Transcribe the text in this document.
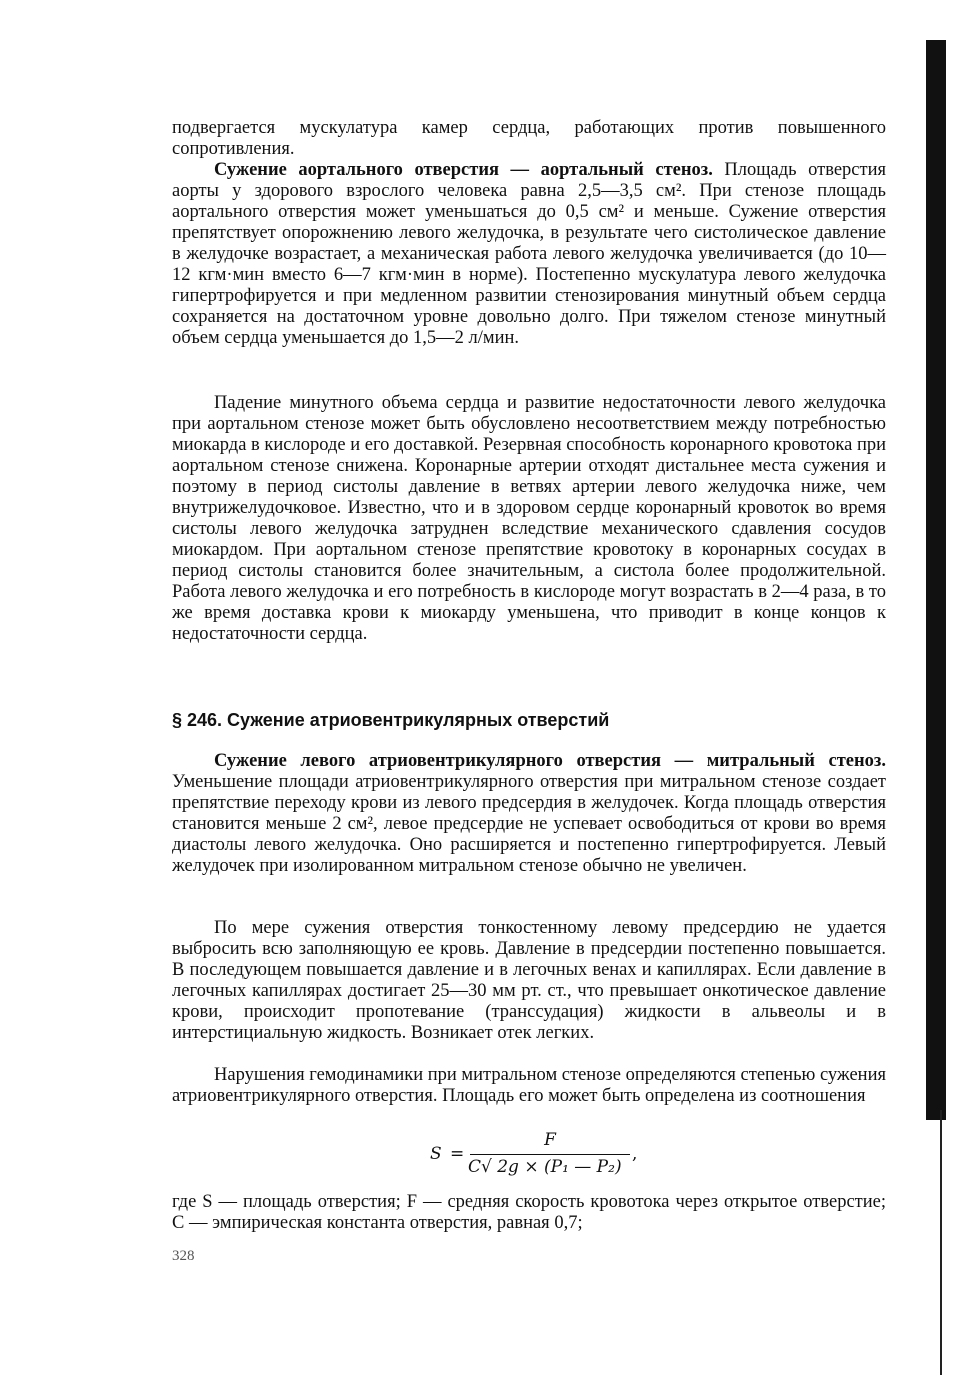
подвергается мускулатура камер сердца, работающих против повышенного сопротивления.

Сужение аортального отверстия — аортальный стеноз. Площадь отверстия аорты у здорового взрослого человека равна 2,5—3,5 см². При стенозе площадь аортального отверстия может уменьшаться до 0,5 см² и меньше. Сужение отверстия препятствует опорожнению левого желудочка, в результате чего систолическое давление в желудочке возрастает, а механическая работа левого желудочка увеличивается (до 10—12 кгм·мин вместо 6—7 кгм·мин в норме). Постепенно мускулатура левого желудочка гипертрофируется и при медленном развитии стенозирования минутный объем сердца сохраняется на достаточном уровне довольно долго. При тяжелом стенозе минутный объем сердца уменьшается до 1,5—2 л/мин.

Падение минутного объема сердца и развитие недостаточности левого желудочка при аортальном стенозе может быть обусловлено несоответствием между потребностью миокарда в кислороде и его доставкой. Резервная способность коронарного кровотока при аортальном стенозе снижена. Коронарные артерии отходят дистальнее места сужения и поэтому в период систолы давление в ветвях артерии левого желудочка ниже, чем внутрижелудочковое. Известно, что и в здоровом сердце коронарный кровоток во время систолы левого желудочка затруднен вследствие механического сдавления сосудов миокардом. При аортальном стенозе препятствие кровотоку в коронарных сосудах в период систолы становится более значительным, а систола более продолжительной. Работа левого желудочка и его потребность в кислороде могут возрастать в 2—4 раза, в то же время доставка крови к миокарду уменьшена, что приводит в конце концов к недостаточности сердца.

§ 246. Сужение атриовентрикулярных отверстий

Сужение левого атриовентрикулярного отверстия — митральный стеноз. Уменьшение площади атриовентрикулярного отверстия при митральном стенозе создает препятствие переходу крови из левого предсердия в желудочек. Когда площадь отверстия становится меньше 2 см², левое предсердие не успевает освободиться от крови во время диастолы левого желудочка. Оно расширяется и постепенно гипертрофируется. Левый желудочек при изолированном митральном стенозе обычно не увеличен.

По мере сужения отверстия тонкостенному левому предсердию не удается выбросить всю заполняющую ее кровь. Давление в предсердии постепенно повышается. В последующем повышается давление и в легочных венах и капиллярах. Если давление в легочных капиллярах достигает 25—30 мм рт. ст., что превышает онкотическое давление крови, происходит пропотевание (транссудация) жидкости в альвеолы и в интерстициальную жидкость. Возникает отек легких.

Нарушения гемодинамики при митральном стенозе определяются степенью сужения атриовентрикулярного отверстия. Площадь его может быть определена из соотношения

S =
F
C√ 2g × (P₁ — P₂)
,

где S — площадь отверстия; F — средняя скорость кровотока через открытое отверстие; C — эмпирическая константа отверстия, равная 0,7;

328
